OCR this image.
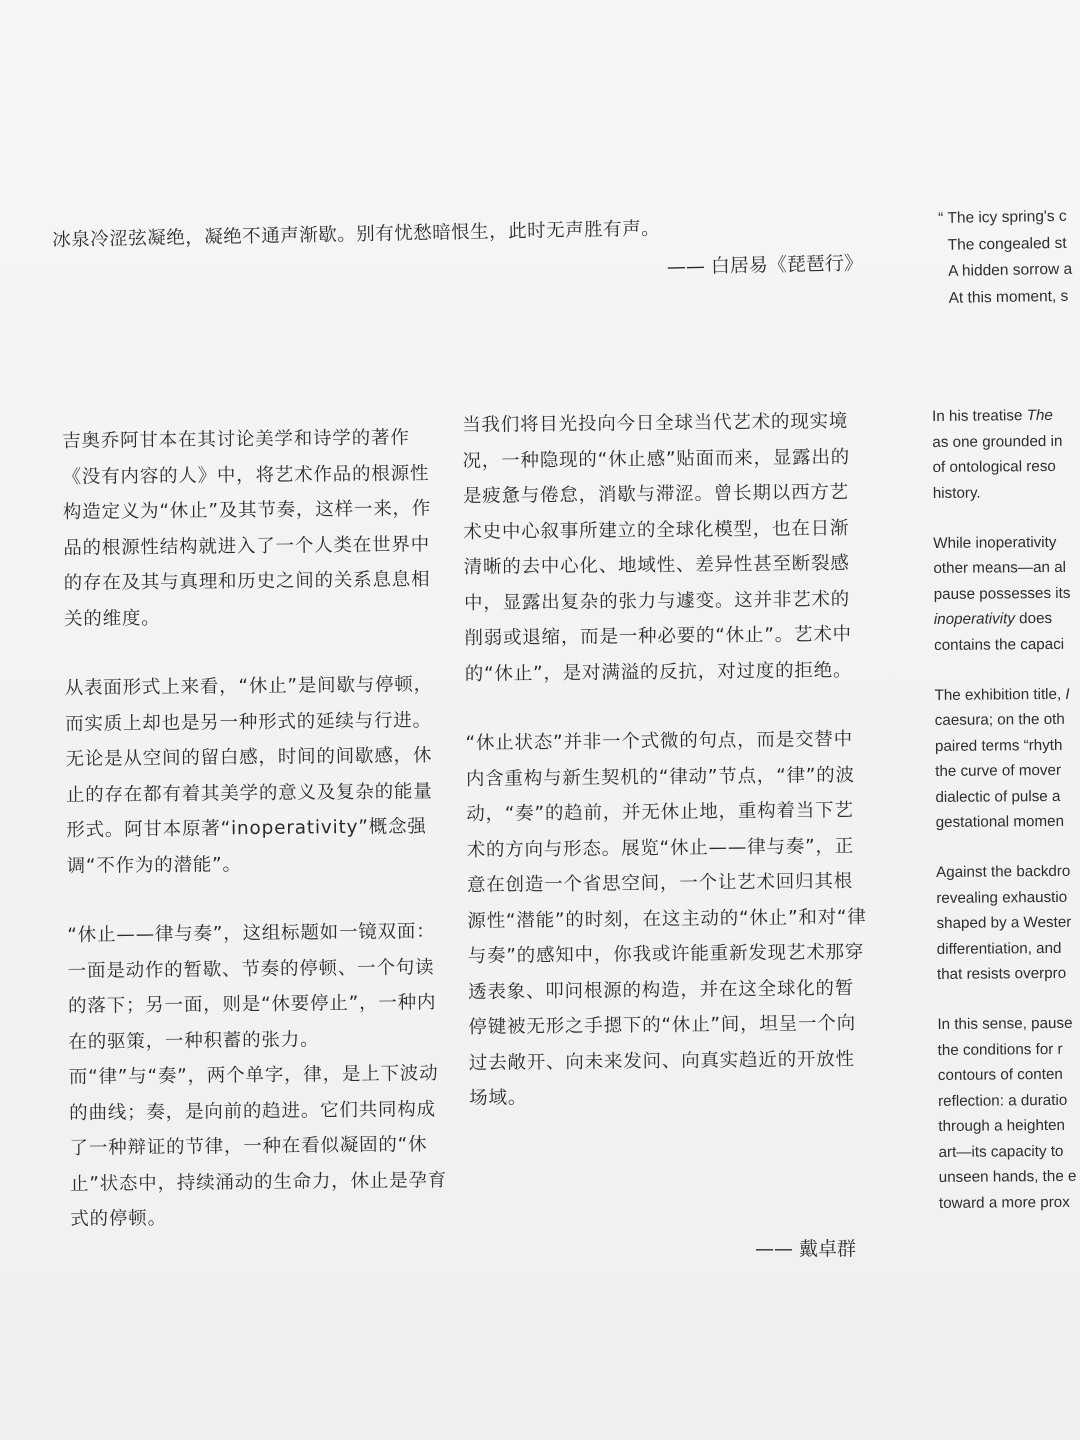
冰泉冷涩弦凝绝，凝绝不通声渐歇。别有忧愁暗恨生，此时无声胜有声。

—— 白居易《琵琶行》

吉奥乔阿甘本在其讨论美学和诗学的著作《没有内容的人》中，将艺术作品的根源性构造定义为“休止”及其节奏，这样一来，作品的根源性结构就进入了一个人类在世界中的存在及其与真理和历史之间的关系息息相关的维度。

从表面形式上来看，“休止”是间歇与停顿，而实质上却也是另一种形式的延续与行进。无论是从空间的留白感，时间的间歇感，休止的存在都有着其美学的意义及复杂的能量形式。阿甘本原著“inoperativity”概念强调“不作为的潜能”。

“休止——律与奏”，这组标题如一镜双面：一面是动作的暂歇、节奏的停顿、一个句读的落下；另一面，则是“休要停止”，一种内在的驱策，一种积蓄的张力。而“律”与“奏”，两个单字，律，是上下波动的曲线；奏，是向前的趋进。它们共同构成了一种辩证的节律，一种在看似凝固的“休止”状态中，持续涌动的生命力，休止是孕育式的停顿。

当我们将目光投向今日全球当代艺术的现实境况，一种隐现的“休止感”贴面而来，显露出的是疲惫与倦怠，消歇与滞涩。曾长期以西方艺术史中心叙事所建立的全球化模型，也在日渐清晰的去中心化、地域性、差异性甚至断裂感中，显露出复杂的张力与遽变。这并非艺术的削弱或退缩，而是一种必要的“休止”。艺术中的“休止”，是对满溢的反抗，对过度的拒绝。

“休止状态”并非一个式微的句点，而是交替中内含重构与新生契机的“律动”节点，“律”的波动，“奏”的趋前，并无休止地，重构着当下艺术的方向与形态。展览“休止——律与奏”，正意在创造一个省思空间，一个让艺术回归其根源性“潜能”的时刻，在这主动的“休止”和对“律与奏”的感知中，你我或许能重新发现艺术那穿透表象、叩问根源的构造，并在这全球化的暂停键被无形之手摁下的“休止”间，坦呈一个向过去敞开、向未来发问、向真实趋近的开放性场域。

—— 戴卓群
“ The icy spring's c
The congealed st
A hidden sorrow a
At this moment, s

In his treatise The
as one grounded in
of ontological reso
history.

While inoperativity
other means—an al
pause possesses its
inoperativity does
contains the capaci

The exhibition title, I
caesura; on the oth
paired terms “rhyth
the curve of mover
dialectic of pulse a
gestational momen

Against the backdro
revealing exhaustio
shaped by a Wester
differentiation, and
that resists overpro

In this sense, pause
the conditions for r
contours of conten
reflection: a duratio
through a heighten
art—its capacity to
unseen hands, the e
toward a more prox
